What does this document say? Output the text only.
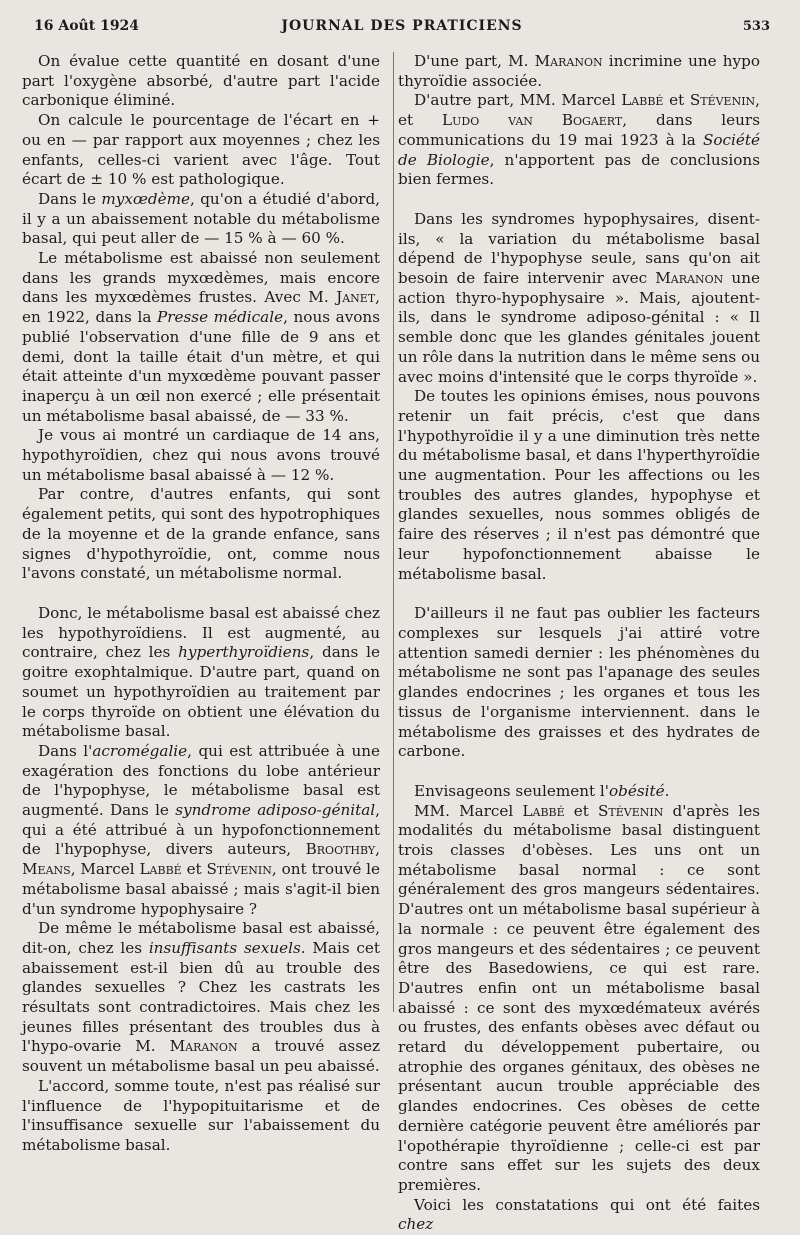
16 Août 1924	JOURNAL DES PRATICIENS	533

On évalue cette quantité en dosant d'une part l'oxygène absorbé, d'autre part l'acide carbonique éliminé.

On calcule le pourcentage de l'écart en + ou en — par rapport aux moyennes ; chez les enfants, celles-ci varient avec l'âge. Tout écart de ± 10 % est pathologique.

Dans le myxœdème, qu'on a étudié d'abord, il y a un abaissement notable du métabolisme basal, qui peut aller de — 15 % à — 60 %.

Le métabolisme est abaissé non seulement dans les grands myxœdèmes, mais encore dans les myxœdèmes frustes. Avec M. Janet, en 1922, dans la Presse médicale, nous avons publié l'observation d'une fille de 9 ans et demi, dont la taille était d'un mètre, et qui était atteinte d'un myxœdème pouvant passer inaperçu à un œil non exercé ; elle présentait un métabolisme basal abaissé, de — 33 %.

Je vous ai montré un cardiaque de 14 ans, hypothyroïdien, chez qui nous avons trouvé un métabolisme basal abaissé à — 12 %.

Par contre, d'autres enfants, qui sont également petits, qui sont des hypotrophiques de la moyenne et de la grande enfance, sans signes d'hypothyroïdie, ont, comme nous l'avons constaté, un métabolisme normal.

Donc, le métabolisme basal est abaissé chez les hypothyroïdiens. Il est augmenté, au contraire, chez les hyperthyroïdiens, dans le goitre exophtalmique. D'autre part, quand on soumet un hypothyroïdien au traitement par le corps thyroïde on obtient une élévation du métabolisme basal.

Dans l'acromégalie, qui est attribuée à une exagération des fonctions du lobe antérieur de l'hypophyse, le métabolisme basal est augmenté. Dans le syndrome adiposo-génital, qui a été attribué à un hypofonctionnement de l'hypophyse, divers auteurs, Broothby, Means, Marcel Labbé et Stévenin, ont trouvé le métabolisme basal abaissé ; mais s'agit-il bien d'un syndrome hypophysaire ?

De même le métabolisme basal est abaissé, dit-on, chez les insuffisants sexuels. Mais cet abaissement est-il bien dû au trouble des glandes sexuelles ? Chez les castrats les résultats sont contradictoires. Mais chez les jeunes filles présentant des troubles dus à l'hypo-ovarie M. Maranon a trouvé assez souvent un métabolisme basal un peu abaissé.

L'accord, somme toute, n'est pas réalisé sur l'influence de l'hypopituitarisme et de l'insuffisance sexuelle sur l'abaissement du métabolisme basal.

D'une part, M. Maranon incrimine une hypo thyroïdie associée.

D'autre part, MM. Marcel Labbé et Stévenin, et Ludo van Bogaert, dans leurs communications du 19 mai 1923 à la Société de Biologie, n'apportent pas de conclusions bien fermes.

Dans les syndromes hypophysaires, disent-ils, « la variation du métabolisme basal dépend de l'hypophyse seule, sans qu'on ait besoin de faire intervenir avec Maranon une action thyro-hypophysaire ». Mais, ajoutent-ils, dans le syndrome adiposo-génital : « Il semble donc que les glandes génitales jouent un rôle dans la nutrition dans le même sens ou avec moins d'intensité que le corps thyroïde ».

De toutes les opinions émises, nous pouvons retenir un fait précis, c'est que dans l'hypothyroïdie il y a une diminution très nette du métabolisme basal, et dans l'hyperthyroïdie une augmentation. Pour les affections ou les troubles des autres glandes, hypophyse et glandes sexuelles, nous sommes obligés de faire des réserves ; il n'est pas démontré que leur hypofonctionnement abaisse le métabolisme basal.

D'ailleurs il ne faut pas oublier les facteurs complexes sur lesquels j'ai attiré votre attention samedi dernier : les phénomènes du métabolisme ne sont pas l'apanage des seules glandes endocrines ; les organes et tous les tissus de l'organisme interviennent. dans le métabolisme des graisses et des hydrates de carbone.

Envisageons seulement l'obésité.

MM. Marcel Labbé et Stévenin d'après les modalités du métabolisme basal distinguent trois classes d'obèses. Les uns ont un métabolisme basal normal : ce sont généralement des gros mangeurs sédentaires. D'autres ont un métabolisme basal supérieur à la normale : ce peuvent être également des gros mangeurs et des sédentaires ; ce peuvent être des Basedowiens, ce qui est rare. D'autres enfin ont un métabolisme basal abaissé : ce sont des myxœdémateux avérés ou frustes, des enfants obèses avec défaut ou retard du développement pubertaire, ou atrophie des organes génitaux, des obèses ne présentant aucun trouble appréciable des glandes endocrines. Ces obèses de cette dernière catégorie peuvent être améliorés par l'opothérapie thyroïdienne ; celle-ci est par contre sans effet sur les sujets des deux premières.

Voici les constatations qui ont été faites chez
